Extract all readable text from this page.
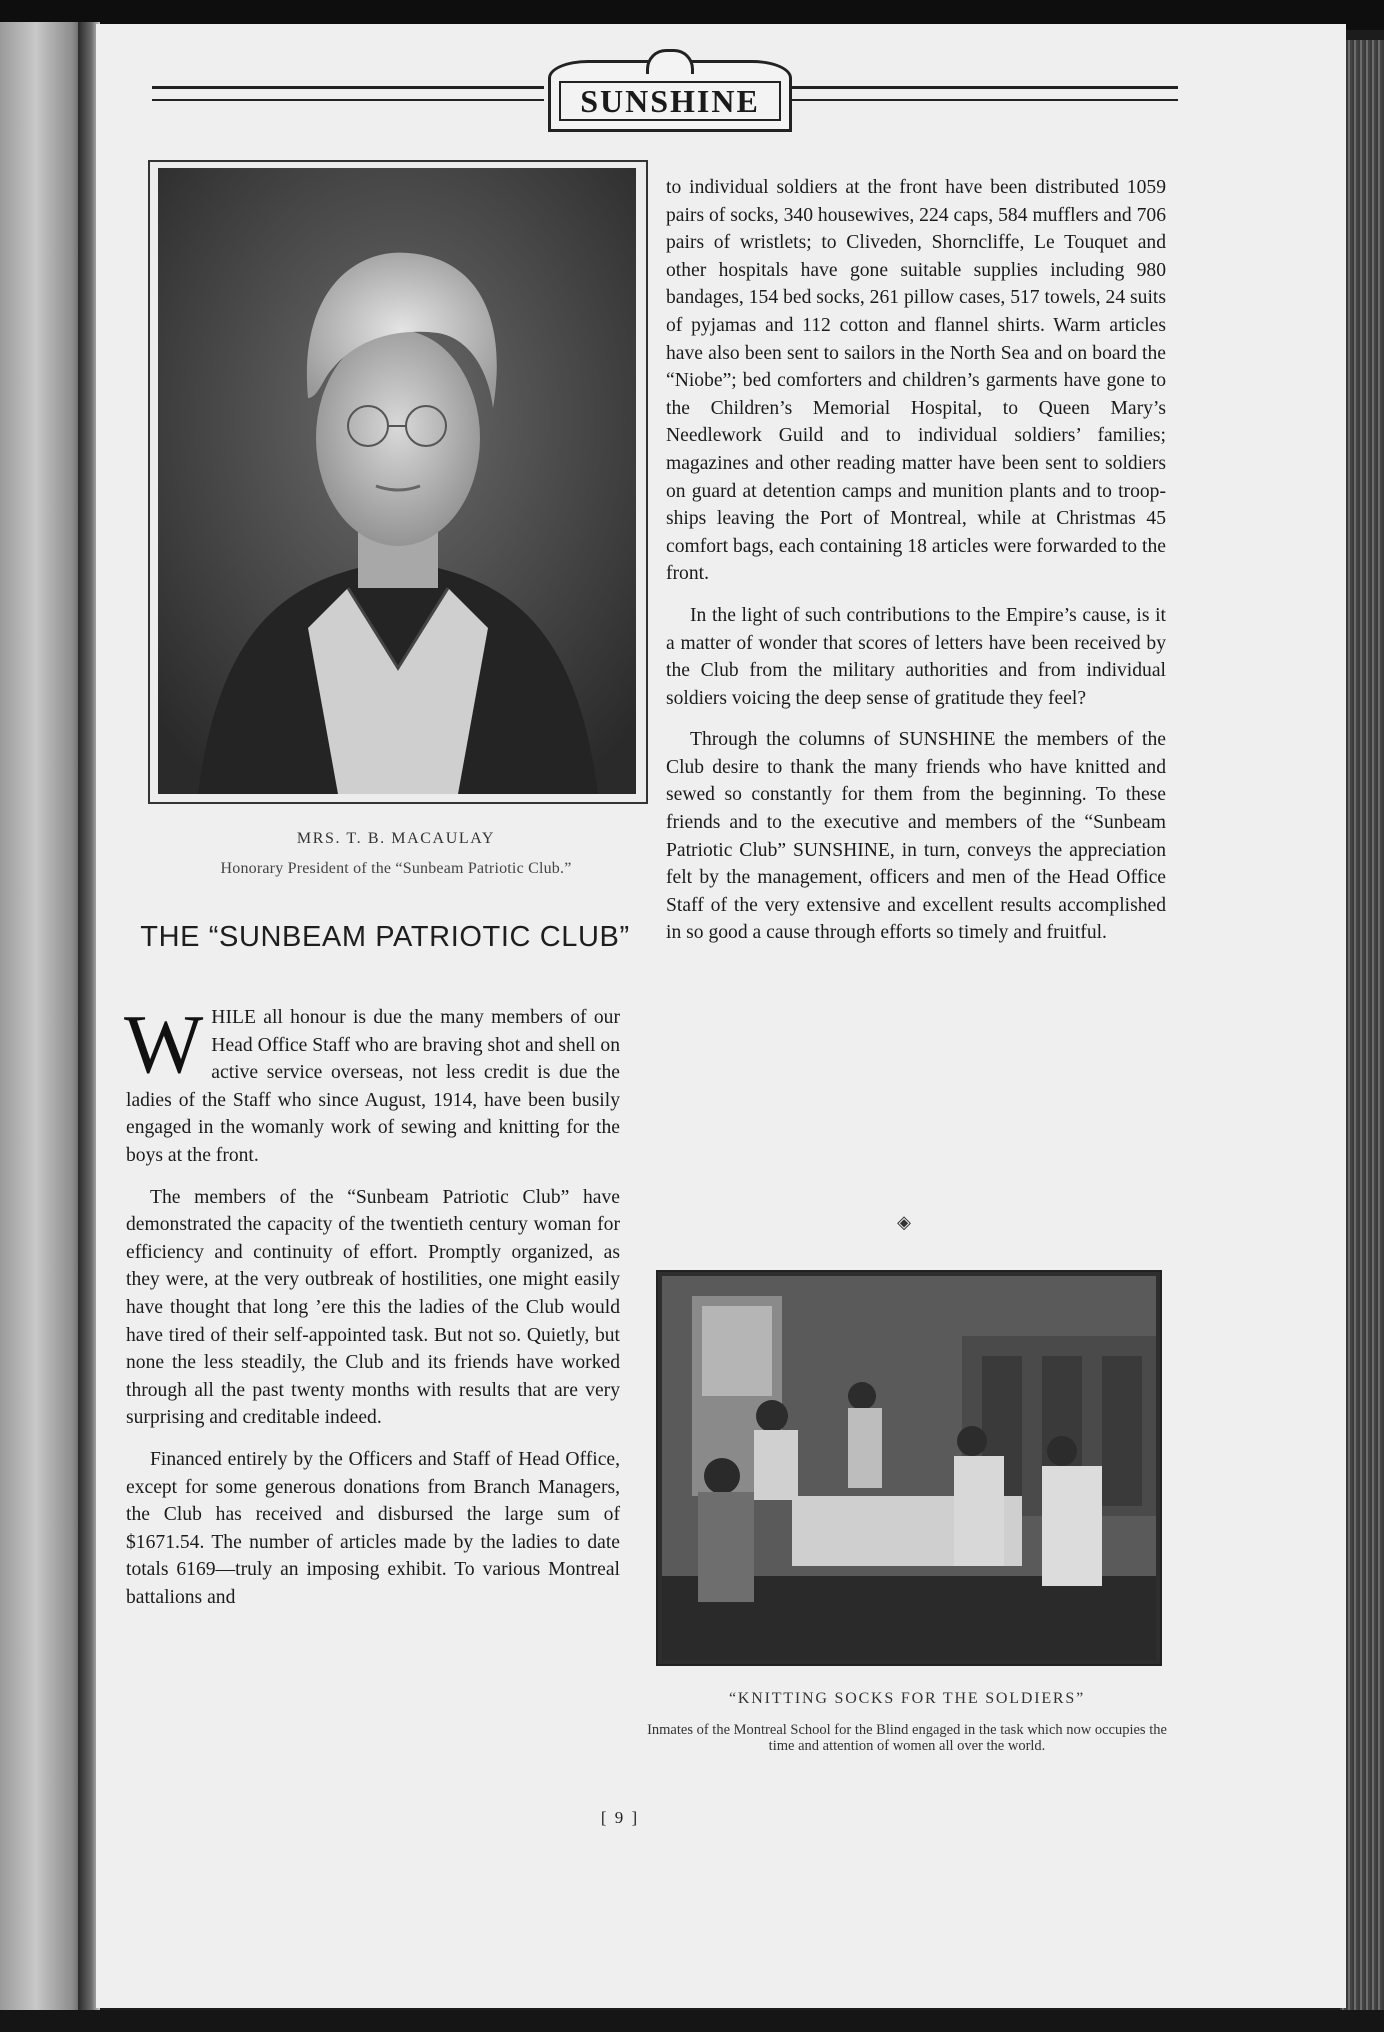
SUNSHINE
MRS. T. B. MACAULAY
Honorary President of the “Sunbeam Patriotic Club.”
THE “SUNBEAM PATRIOTIC CLUB”

WHILE all honour is due the many members of our Head Office Staff who are braving shot and shell on active service overseas, not less credit is due the ladies of the Staff who since August, 1914, have been busily engaged in the womanly work of sewing and knitting for the boys at the front.

The members of the “Sunbeam Patriotic Club” have demonstrated the capacity of the twentieth century woman for efficiency and continuity of effort. Promptly organized, as they were, at the very outbreak of hostilities, one might easily have thought that long ’ere this the ladies of the Club would have tired of their self-appointed task. But not so. Quietly, but none the less steadily, the Club and its friends have worked through all the past twenty months with results that are very surprising and creditable indeed.

Financed entirely by the Officers and Staff of Head Office, except for some generous donations from Branch Managers, the Club has received and disbursed the large sum of $1671.54. The number of articles made by the ladies to date totals 6169—truly an imposing exhibit. To various Montreal battalions and

to individual soldiers at the front have been distributed 1059 pairs of socks, 340 housewives, 224 caps, 584 mufflers and 706 pairs of wristlets; to Cliveden, Shorncliffe, Le Touquet and other hospitals have gone suitable supplies including 980 bandages, 154 bed socks, 261 pillow cases, 517 towels, 24 suits of pyjamas and 112 cotton and flannel shirts. Warm articles have also been sent to sailors in the North Sea and on board the “Niobe”; bed comforters and children’s garments have gone to the Children’s Memorial Hospital, to Queen Mary’s Needlework Guild and to individual soldiers’ families; magazines and other reading matter have been sent to soldiers on guard at detention camps and munition plants and to troop-ships leaving the Port of Montreal, while at Christmas 45 comfort bags, each containing 18 articles were forwarded to the front.

In the light of such contributions to the Empire’s cause, is it a matter of wonder that scores of letters have been received by the Club from the military authorities and from individual soldiers voicing the deep sense of gratitude they feel?

Through the columns of SUNSHINE the members of the Club desire to thank the many friends who have knitted and sewed so constantly for them from the beginning. To these friends and to the executive and members of the “Sunbeam Patriotic Club” SUNSHINE, in turn, conveys the appreciation felt by the management, officers and men of the Head Office Staff of the very extensive and excellent results accomplished in so good a cause through efforts so timely and fruitful.

◈
“KNITTING SOCKS FOR THE SOLDIERS”
Inmates of the Montreal School for the Blind engaged in the task which now occupies the time and attention of women all over the world.
[ 9 ]
